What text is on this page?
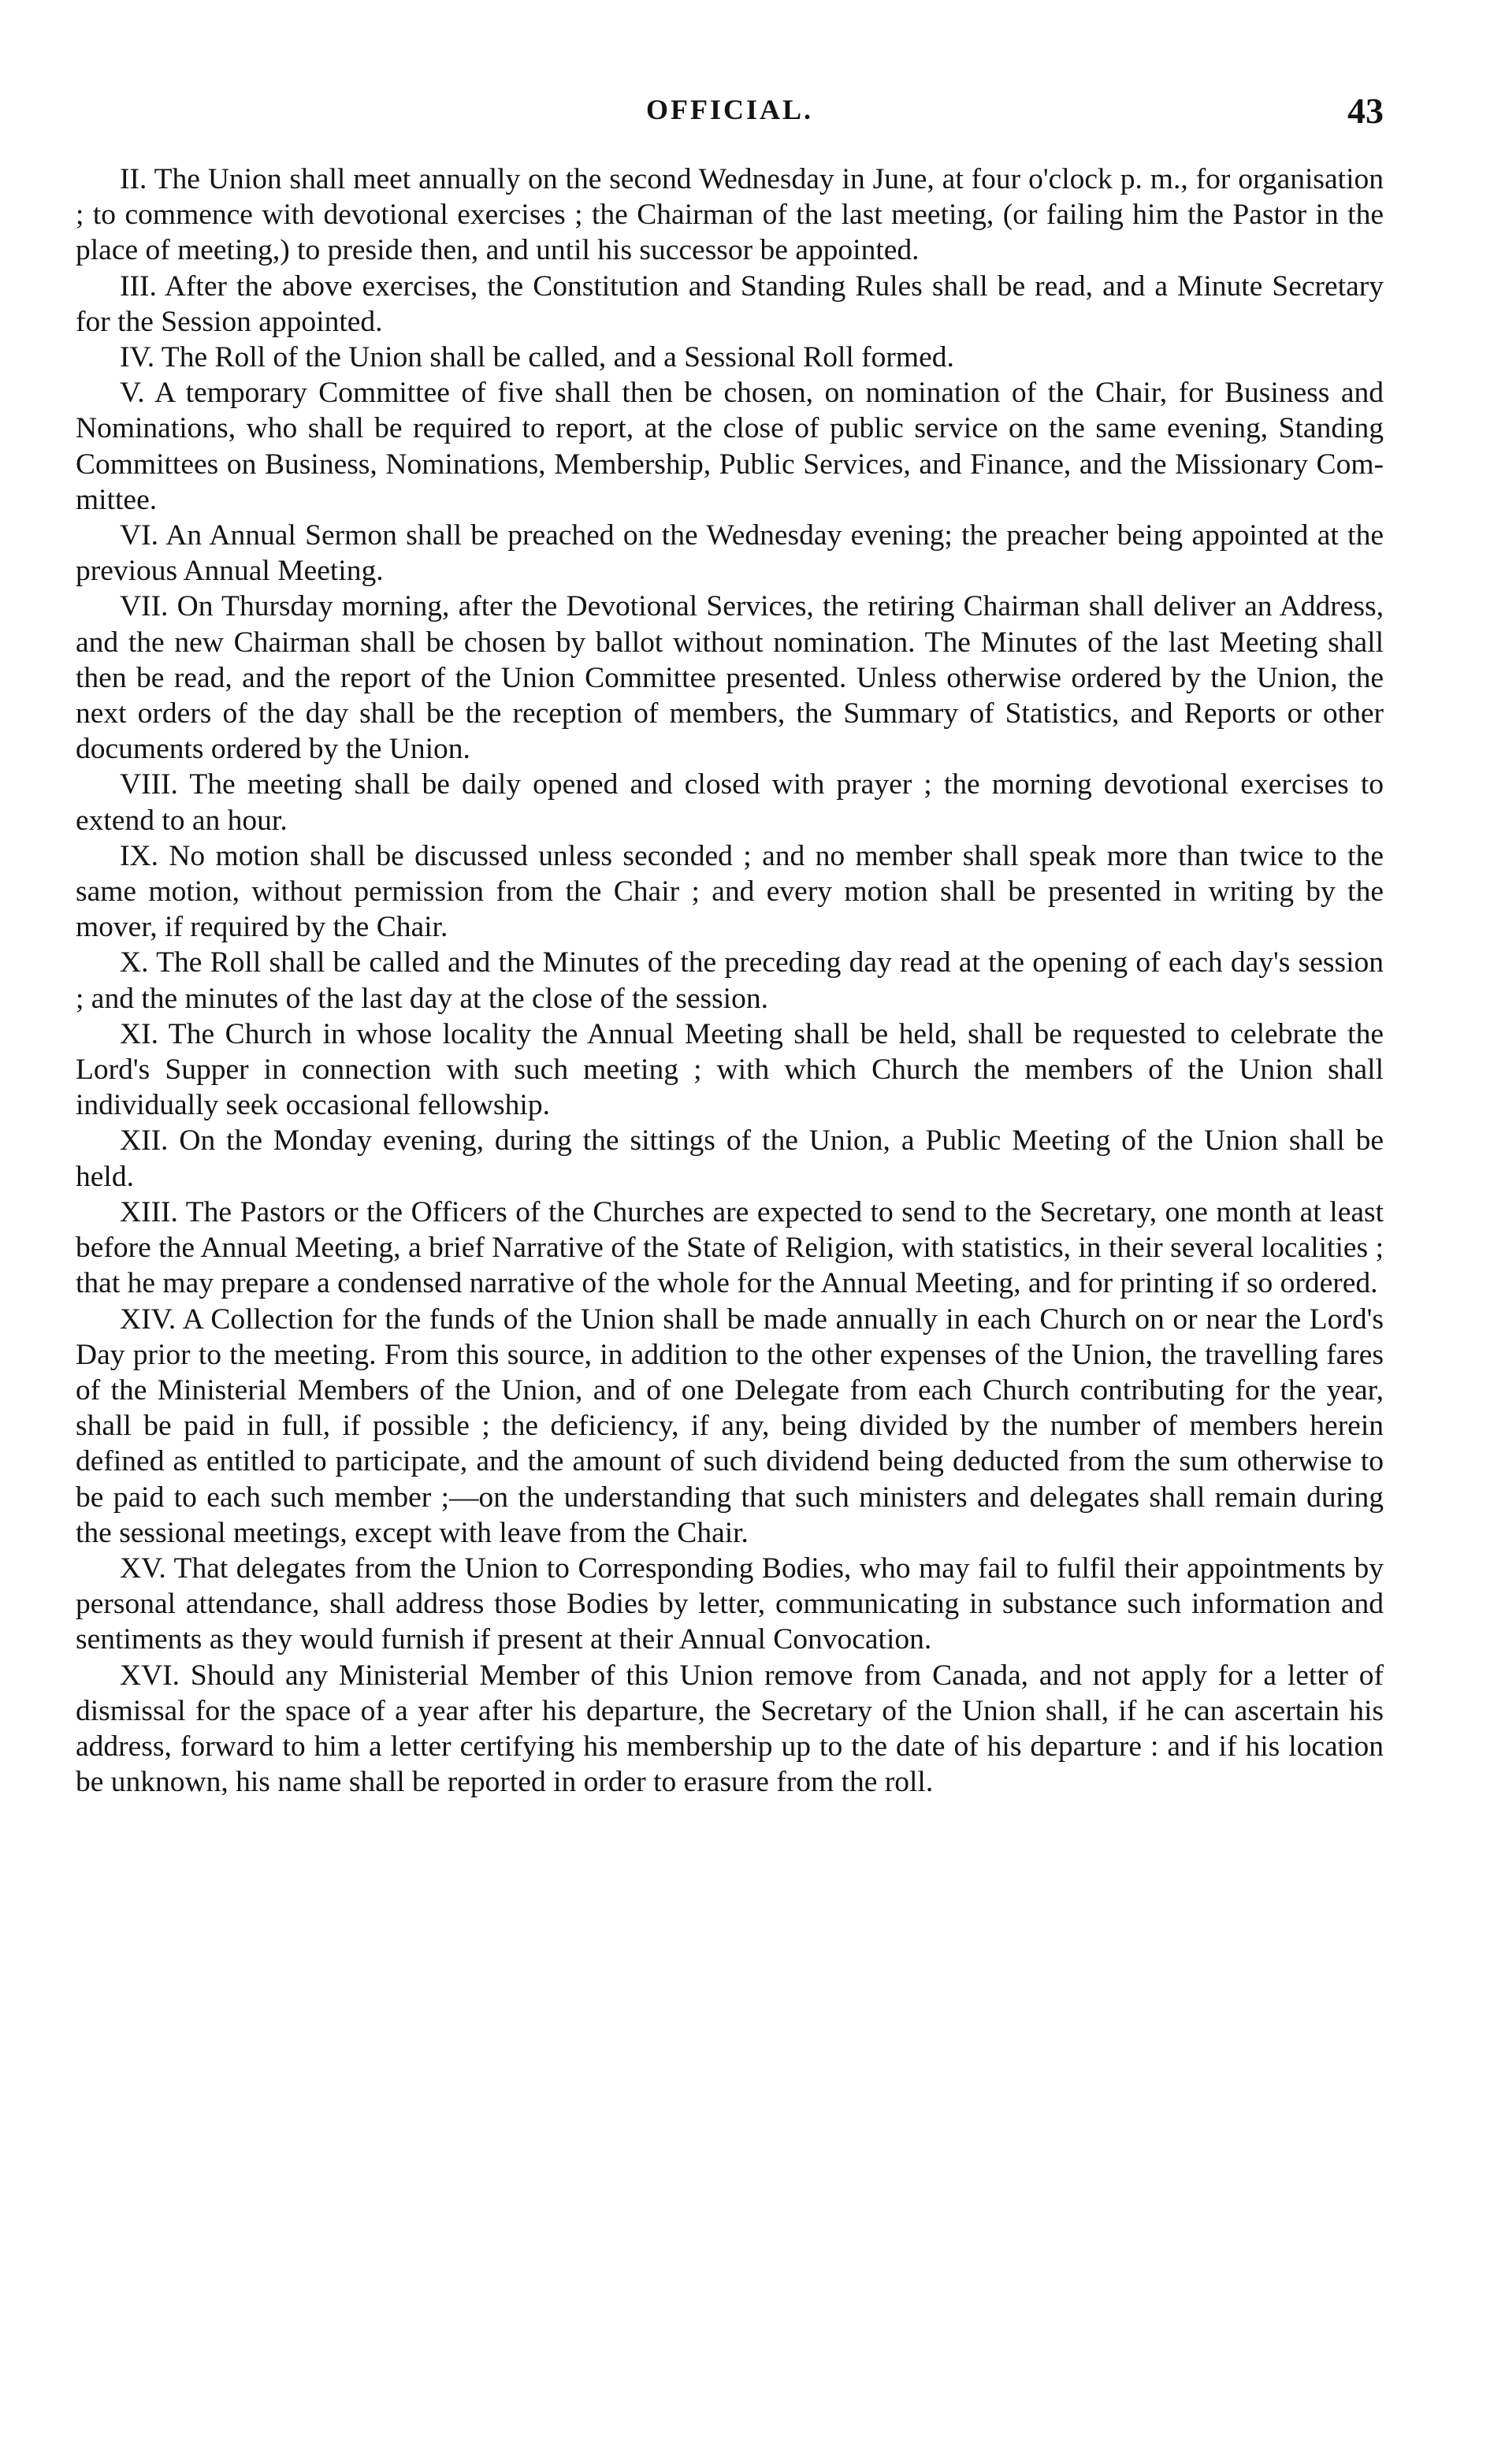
OFFICIAL.	43

II. The Union shall meet annually on the second Wednesday in June, at four o'clock p. m., for organisation ; to commence with devotional exercises ; the Chairman of the last meeting, (or failing him the Pastor in the place of meeting,) to preside then, and until his successor be appointed.

III. After the above exercises, the Constitution and Standing Rules shall be read, and a Minute Secretary for the Session appointed.

IV. The Roll of the Union shall be called, and a Sessional Roll formed.

V. A temporary Committee of five shall then be chosen, on nomination of the Chair, for Business and Nominations, who shall be required to report, at the close of public service on the same evening, Standing Committees on Business, Nominations, Membership, Public Services, and Finance, and the Missionary Committee.

VI. An Annual Sermon shall be preached on the Wednesday evening; the preacher being appointed at the previous Annual Meeting.

VII. On Thursday morning, after the Devotional Services, the retiring Chairman shall deliver an Address, and the new Chairman shall be chosen by ballot without nomination. The Minutes of the last Meeting shall then be read, and the report of the Union Committee presented. Unless otherwise ordered by the Union, the next orders of the day shall be the reception of members, the Summary of Statistics, and Reports or other documents ordered by the Union.

VIII. The meeting shall be daily opened and closed with prayer ; the morning devotional exercises to extend to an hour.

IX. No motion shall be discussed unless seconded ; and no member shall speak more than twice to the same motion, without permission from the Chair ; and every motion shall be presented in writing by the mover, if required by the Chair.

X. The Roll shall be called and the Minutes of the preceding day read at the opening of each day's session ; and the minutes of the last day at the close of the session.

XI. The Church in whose locality the Annual Meeting shall be held, shall be requested to celebrate the Lord's Supper in connection with such meeting ; with which Church the members of the Union shall individually seek occasional fellowship.

XII. On the Monday evening, during the sittings of the Union, a Public Meeting of the Union shall be held.

XIII. The Pastors or the Officers of the Churches are expected to send to the Secretary, one month at least before the Annual Meeting, a brief Narrative of the State of Religion, with statistics, in their several localities ; that he may prepare a condensed narrative of the whole for the Annual Meeting, and for printing if so ordered.

XIV. A Collection for the funds of the Union shall be made annually in each Church on or near the Lord's Day prior to the meeting. From this source, in addition to the other expenses of the Union, the travelling fares of the Ministerial Members of the Union, and of one Delegate from each Church contributing for the year, shall be paid in full, if possible ; the deficiency, if any, being divided by the number of members herein defined as entitled to participate, and the amount of such dividend being deducted from the sum otherwise to be paid to each such member ;—on the understanding that such ministers and delegates shall remain during the sessional meetings, except with leave from the Chair.

XV. That delegates from the Union to Corresponding Bodies, who may fail to fulfil their appointments by personal attendance, shall address those Bodies by letter, communicating in substance such information and sentiments as they would furnish if present at their Annual Convocation.

XVI. Should any Ministerial Member of this Union remove from Canada, and not apply for a letter of dismissal for the space of a year after his departure, the Secretary of the Union shall, if he can ascertain his address, forward to him a letter certifying his membership up to the date of his departure : and if his location be unknown, his name shall be reported in order to erasure from the roll.
